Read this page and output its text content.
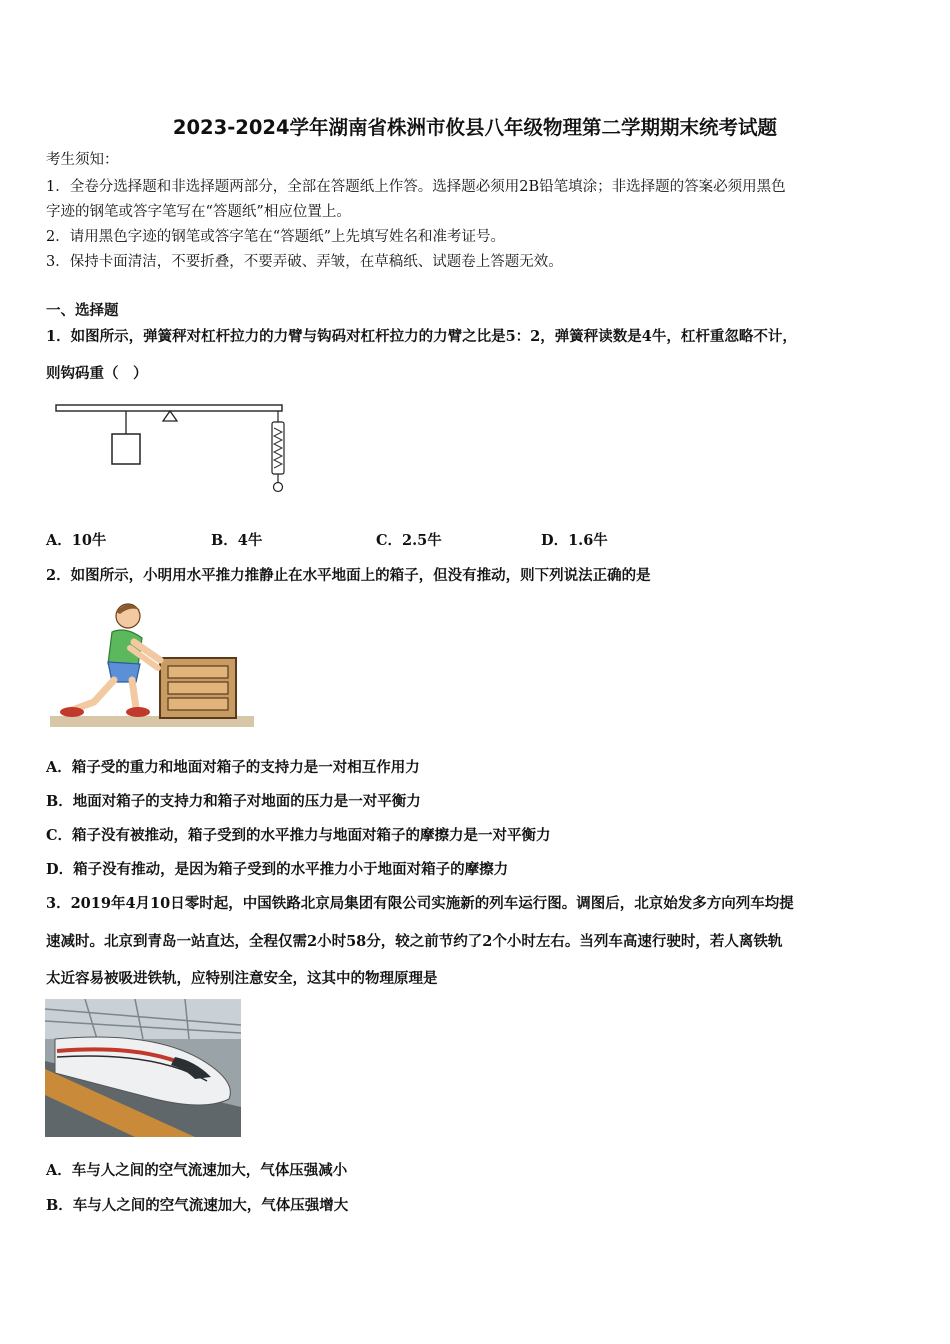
2023-2024学年湖南省株洲市攸县八年级物理第二学期期末统考试题
考生须知：
1．全卷分选择题和非选择题两部分，全部在答题纸上作答。选择题必须用2B铅笔填涂；非选择题的答案必须用黑色
字迹的钢笔或答字笔写在“答题纸”相应位置上。
2．请用黑色字迹的钢笔或答字笔在“答题纸”上先填写姓名和准考证号。
3．保持卡面清洁，不要折叠，不要弄破、弄皱，在草稿纸、试题卷上答题无效。
一、选择题
1．如图所示，弹簧秤对杠杆拉力的力臂与钩码对杠杆拉力的力臂之比是5：2，弹簧秤读数是4牛，杠杆重忽略不计，
则钩码重（　）
A．10牛	B．4牛	C．2.5牛	D．1.6牛
2．如图所示，小明用水平推力推静止在水平地面上的箱子，但没有推动，则下列说法正确的是
A．箱子受的重力和地面对箱子的支持力是一对相互作用力
B．地面对箱子的支持力和箱子对地面的压力是一对平衡力
C．箱子没有被推动，箱子受到的水平推力与地面对箱子的摩擦力是一对平衡力
D．箱子没有推动，是因为箱子受到的水平推力小于地面对箱子的摩擦力
3．2019年4月10日零时起，中国铁路北京局集团有限公司实施新的列车运行图。调图后，北京始发多方向列车均提
速减时。北京到青岛一站直达，全程仅需2小时58分，较之前节约了2个小时左右。当列车高速行驶时，若人离铁轨
太近容易被吸进铁轨，应特别注意安全，这其中的物理原理是
A．车与人之间的空气流速加大，气体压强减小
B．车与人之间的空气流速加大，气体压强增大
